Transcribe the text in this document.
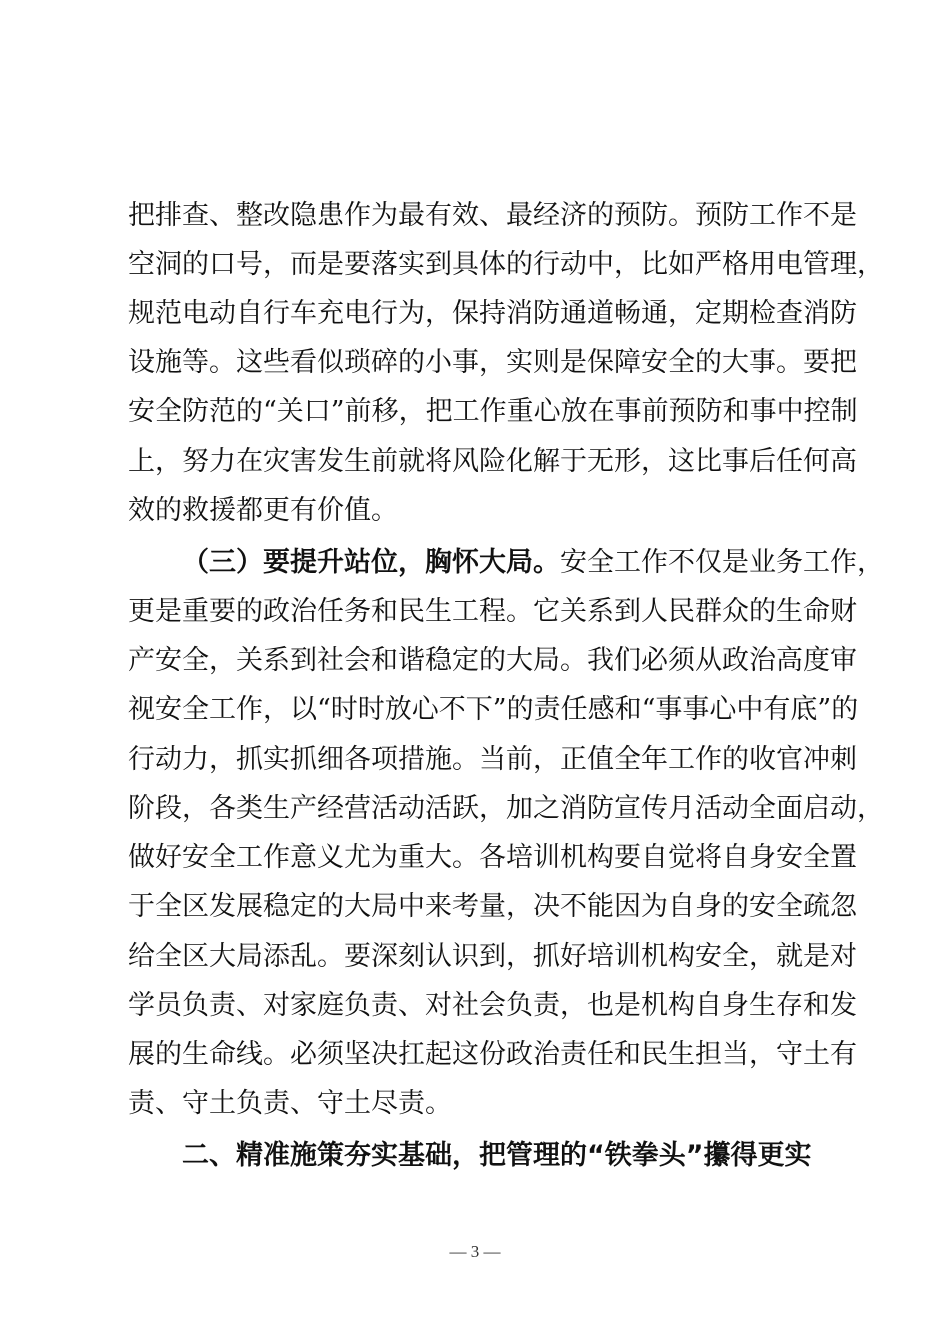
把排查、整改隐患作为最有效、最经济的预防。预防工作不是
空洞的口号，而是要落实到具体的行动中，比如严格用电管理，
规范电动自行车充电行为，保持消防通道畅通，定期检查消防
设施等。这些看似琐碎的小事，实则是保障安全的大事。要把
安全防范的“关口”前移，把工作重心放在事前预防和事中控制
上，努力在灾害发生前就将风险化解于无形，这比事后任何高
效的救援都更有价值。
（三）要提升站位，胸怀大局。安全工作不仅是业务工作，
更是重要的政治任务和民生工程。它关系到人民群众的生命财
产安全，关系到社会和谐稳定的大局。我们必须从政治高度审
视安全工作，以“时时放心不下”的责任感和“事事心中有底”的
行动力，抓实抓细各项措施。当前，正值全年工作的收官冲刺
阶段，各类生产经营活动活跃，加之消防宣传月活动全面启动，
做好安全工作意义尤为重大。各培训机构要自觉将自身安全置
于全区发展稳定的大局中来考量，决不能因为自身的安全疏忽
给全区大局添乱。要深刻认识到，抓好培训机构安全，就是对
学员负责、对家庭负责、对社会负责，也是机构自身生存和发
展的生命线。必须坚决扛起这份政治责任和民生担当，守土有
责、守土负责、守土尽责。
二、精准施策夯实基础，把管理的“铁拳头”攥得更实
— 3 —
